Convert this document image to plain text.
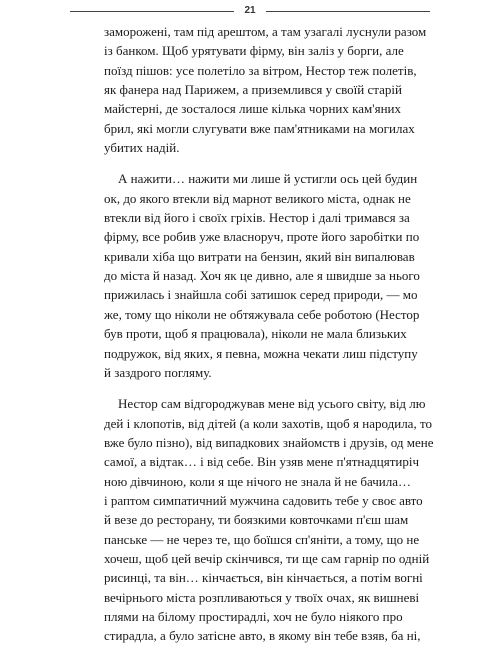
21

заморожені, там під арештом, а там узагалі луснули разом
із банком. Щоб урятувати фірму, він заліз у борги, але
поїзд пішов: усе полетіло за вітром, Нестор теж полетів,
як фанера над Парижем, а приземлився у своїй старій
майстерні, де зосталося лише кілька чорних кам'яних
брил, які могли слугувати вже пам'ятниками на могилах
убитих надій.

А нажити… нажити ми лише й устигли ось цей будин
ок, до якого втекли від марнот великого міста, однак не
втекли від його і своїх гріхів. Нестор і далі тримався за
фірму, все робив уже власноруч, проте його заробітки по
кривали хіба що витрати на бензин, який він випалював
до міста й назад. Хоч як це дивно, але я швидше за нього
прижилась і знайшла собі затишок серед природи, — мо
же, тому що ніколи не обтяжувала себе роботою (Нестор
був проти, щоб я працювала), ніколи не мала близьких
подружок, від яких, я певна, можна чекати лиш підступу
й заздрого погляму.

Нестор сам відгороджував мене від усього світу, від лю
дей і клопотів, від дітей (а коли захотів, щоб я народила, то
вже було пізно), від випадкових знайомств і друзів, од мене
самої, а відтак… і від себе. Він узяв мене п'ятнадцятиріч
ною дівчиною, коли я ще нічого не знала й не бачила…
і раптом симпатичний мужчина садовить тебе у своє авто
й везе до ресторану, ти боязкими ковточками п'єш шам
панське — не через те, що боїшся сп'яніти, а тому, що не
хочеш, щоб цей вечір скінчився, ти ще сам гарнір по одній
рисинці, та він… кінчається, він кінчається, а потім вогні
вечірнього міста розпливаються у твоїх очах, як вишневі
плями на білому простирадлі, хоч не було ніякого про
стирадла, а було затісне авто, в якому він тебе взяв, ба ні,
